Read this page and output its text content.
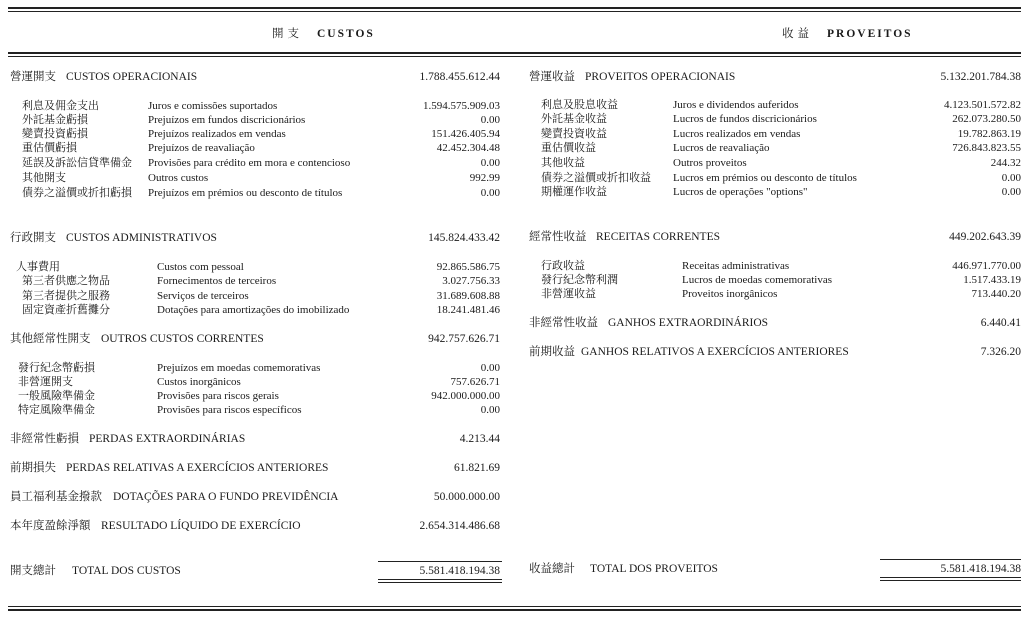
開支 CUSTOS	收益 PROVEITOS
營運開支 CUSTOS OPERACIONAIS	1.788.455.612.44
利息及佣金支出	Juros e comissões suportados	1.594.575.909.03
外託基金虧損	Prejuízos em fundos discricionários	0.00
變賣投資虧損	Prejuízos realizados em vendas	151.426.405.94
重估價虧損	Prejuízos de reavaliação	42.452.304.48
延誤及訴訟信貸準備金 Provisões para crédito em mora e contencioso	0.00
其他開支	Outros custos	992.99
債券之溢價或折扣虧損 Prejuízos em prémios ou desconto de títulos	0.00
行政開支 CUSTOS ADMINISTRATIVOS	145.824.433.42
人事費用	Custos com pessoal	92.865.586.75
第三者供應之物品	Fornecimentos de terceiros	3.027.756.33
第三者提供之服務	Serviços de terceiros	31.689.608.88
固定資產折舊攤分	Dotações para amortizações do imobilizado	18.241.481.46
其他經常性開支 OUTROS CUSTOS CORRENTES	942.757.626.71
發行紀念幣虧損	Prejuízos em moedas comemorativas	0.00
非營運開支	Custos inorgânicos	757.626.71
一般風險準備金	Provisões para riscos gerais	942.000.000.00
特定風險準備金	Provisões para riscos específicos	0.00
非經常性虧損 PERDAS EXTRAORDINÁRIAS	4.213.44
前期損失 PERDAS RELATIVAS A EXERCÍCIOS ANTERIORES	61.821.69
員工福利基金撥款 DOTAÇÕES PARA O FUNDO PREVIDÊNCIA	50.000.000.00
本年度盈餘淨額 RESULTADO LÍQUIDO DE EXERCÍCIO	2.654.314.486.68
開支總計 TOTAL DOS CUSTOS	5.581.418.194.38
營運收益 PROVEITOS OPERACIONAIS	5.132.201.784.38
利息及股息收益	Juros e dividendos auferidos	4.123.501.572.82
外託基金收益	Lucros de fundos discricionários	262.073.280.50
變賣投資收益	Lucros realizados em vendas	19.782.863.19
重估價收益	Lucros de reavaliação	726.843.823.55
其他收益	Outros proveitos	244.32
債券之溢價或折扣收益 Lucros em prémios ou desconto de títulos	0.00
期權運作收益	Lucros de operações "options"	0.00
經常性收益 RECEITAS CORRENTES	449.202.643.39
行政收益	Receitas administrativas	446.971.770.00
發行紀念幣利潤	Lucros de moedas comemorativas	1.517.433.19
非營運收益	Proveitos inorgânicos	713.440.20
非經常性收益 GANHOS EXTRAORDINÁRIOS	6.440.41
前期收益 GANHOS RELATIVOS A EXERCÍCIOS ANTERIORES	7.326.20
收益總計 TOTAL DOS PROVEITOS	5.581.418.194.38
